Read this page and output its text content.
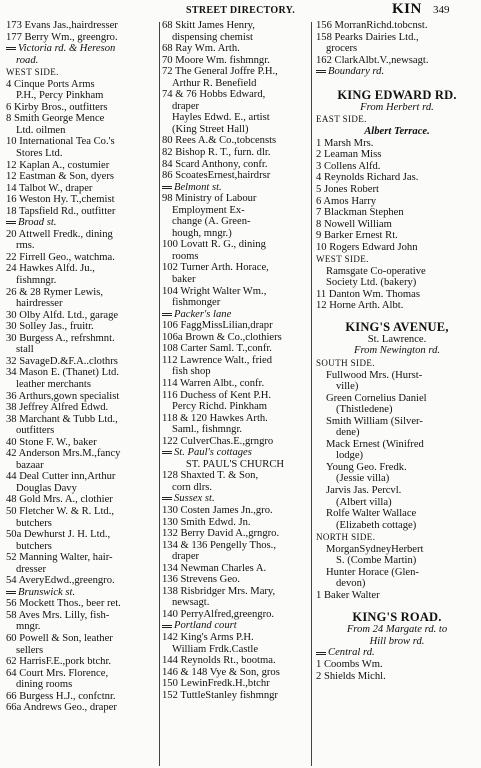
STREET DIRECTORY.	KIN 349
173 Evans Jas.,hairdresser
177 Berry Wm., greengro.
Victoria rd. & Hereson
road.
WEST SIDE.
4 Cinque Ports Arms
P.H., Percy Pinkham
6 Kirby Bros., outfitters
8 Smith George Mence
Ltd. oilmen
10 International Tea Co.'s
Stores Ltd.
12 Kaplan A., costumier
12 Eastman & Son, dyers
14 Talbot W., draper
16 Weston Hy. T.,chemist
18 Tapsfield Rd., outfitter
Broad st.
20 Attwell Fredk., dining
rms.
22 Firrell Geo., watchma.
24 Hawkes Alfd. Ju.,
fishmngr.
26 & 28 Rymer Lewis,
hairdresser
30 Olby Alfd. Ltd., garage
30 Solley Jas., fruitr.
30 Burgess A., refrshmnt.
stall
32 SavageD.&F.A..clothrs
34 Mason E. (Thanet) Ltd.
leather merchants
36 Arthurs,gown specialist
38 Jeffrey Alfred Edwd.
38 Marchant & Tubb Ltd.,
outfitters
40 Stone F. W., baker
42 Anderson Mrs.M.,fancy
bazaar
44 Deal Cutter inn,Arthur
Douglas Davy
48 Gold Mrs. A., clothier
50 Fletcher W. & R. Ltd.,
butchers
50a Dewhurst J. H. Ltd.,
butchers
52 Manning Walter, hair-
dresser
54 AveryEdwd.,greengro.
Brunswick st.
56 Mockett Thos., beer ret.
58 Aves Mrs. Lilly, fish-
mngr.
60 Powell & Son, leather
sellers
62 HarrisF.E.,pork btchr.
64 Court Mrs. Florence,
dining rooms
66 Burgess H.J., confctnr.
66a Andrews Geo., draper
68 Skitt James Henry,
dispensing chemist
68 Ray Wm. Arth.
70 Moore Wm. fishmngr.
72 The General Joffre P.H.,
Arthur R. Benefield
74 & 76 Hobbs Edward,
draper
Hayles Edwd. E., artist
(King Street Hall)
80 Rees A.& Co.,tobcensts
82 Bishop R. T., furn. dlr.
84 Scard Anthony, confr.
86 ScoatesErnest,hairdrsr
Belmont st.
98 Ministry of Labour
Employment Ex-
change (A. Green-
hough, mngr.)
100 Lovatt R. G., dining
rooms
102 Turner Arth. Horace,
baker
104 Wright Walter Wm.,
fishmonger
Packer's lane
106 FaggMissLilian,drapr
106a Brown & Co.,clothiers
108 Carter Saml. T.,confr.
112 Lawrence Walt., fried
fish shop
114 Warren Albt., confr.
116 Duchess of Kent P.H.
Percy Richd. Pinkham
118 & 120 Hawkes Arth.
Saml., fishmngr.
122 CulverChas.E.,grngro
St. Paul's cottages
ST. PAUL'S CHURCH
128 Shaxted T. & Son,
corn dlrs.
Sussex st.
130 Costen James Jn.,gro.
130 Smith Edwd. Jn.
132 Berry David A.,grngro.
134 & 136 Pengelly Thos.,
draper
134 Newman Charles A.
136 Strevens Geo.
138 Risbridger Mrs. Mary,
newsagt.
140 PerryAlfred,greengro.
Portland court
142 King's Arms P.H.
William Frdk.Castle
144 Reynolds Rt., bootma.
146 & 148 Vye & Son, gros
150 LewinFredk.H.,btchr
152 TuttleStanley fishmngr
156 MorranRichd.tobcnst.
158 Pearks Dairies Ltd.,
grocers
162 ClarkAlbt.V.,newsagt.
Boundary rd.
KING EDWARD RD.
From Herbert rd.
EAST SIDE.
Albert Terrace.
1 Marsh Mrs.
2 Leaman Miss
3 Collens Alfd.
4 Reynolds Richard Jas.
5 Jones Robert
6 Amos Harry
7 Blackman Stephen
8 Nowell William
9 Barker Ernest Rt.
10 Rogers Edward John
WEST SIDE.
Ramsgate Co-operative
Society Ltd. (bakery)
11 Danton Wm. Thomas
12 Horne Arth. Albt.
KING'S AVENUE,
St. Lawrence.
From Newington rd.
SOUTH SIDE.
Fullwood Mrs. (Hurst-
ville)
Green Cornelius Daniel
(Thistledene)
Smith William (Silver-
dene)
Mack Ernest (Winifred
lodge)
Young Geo. Fredk.
(Jessie villa)
Jarvis Jas. Percvl.
(Albert villa)
Rolfe Walter Wallace
(Elizabeth cottage)
NORTH SIDE.
MorganSydneyHerbert
S. (Combe Martin)
Hunter Horace (Glen-
devon)
1 Baker Walter
KING'S ROAD.
From 24 Margate rd. to
Hill brow rd.
Central rd.
1 Coombs Wm.
2 Shields Michl.
